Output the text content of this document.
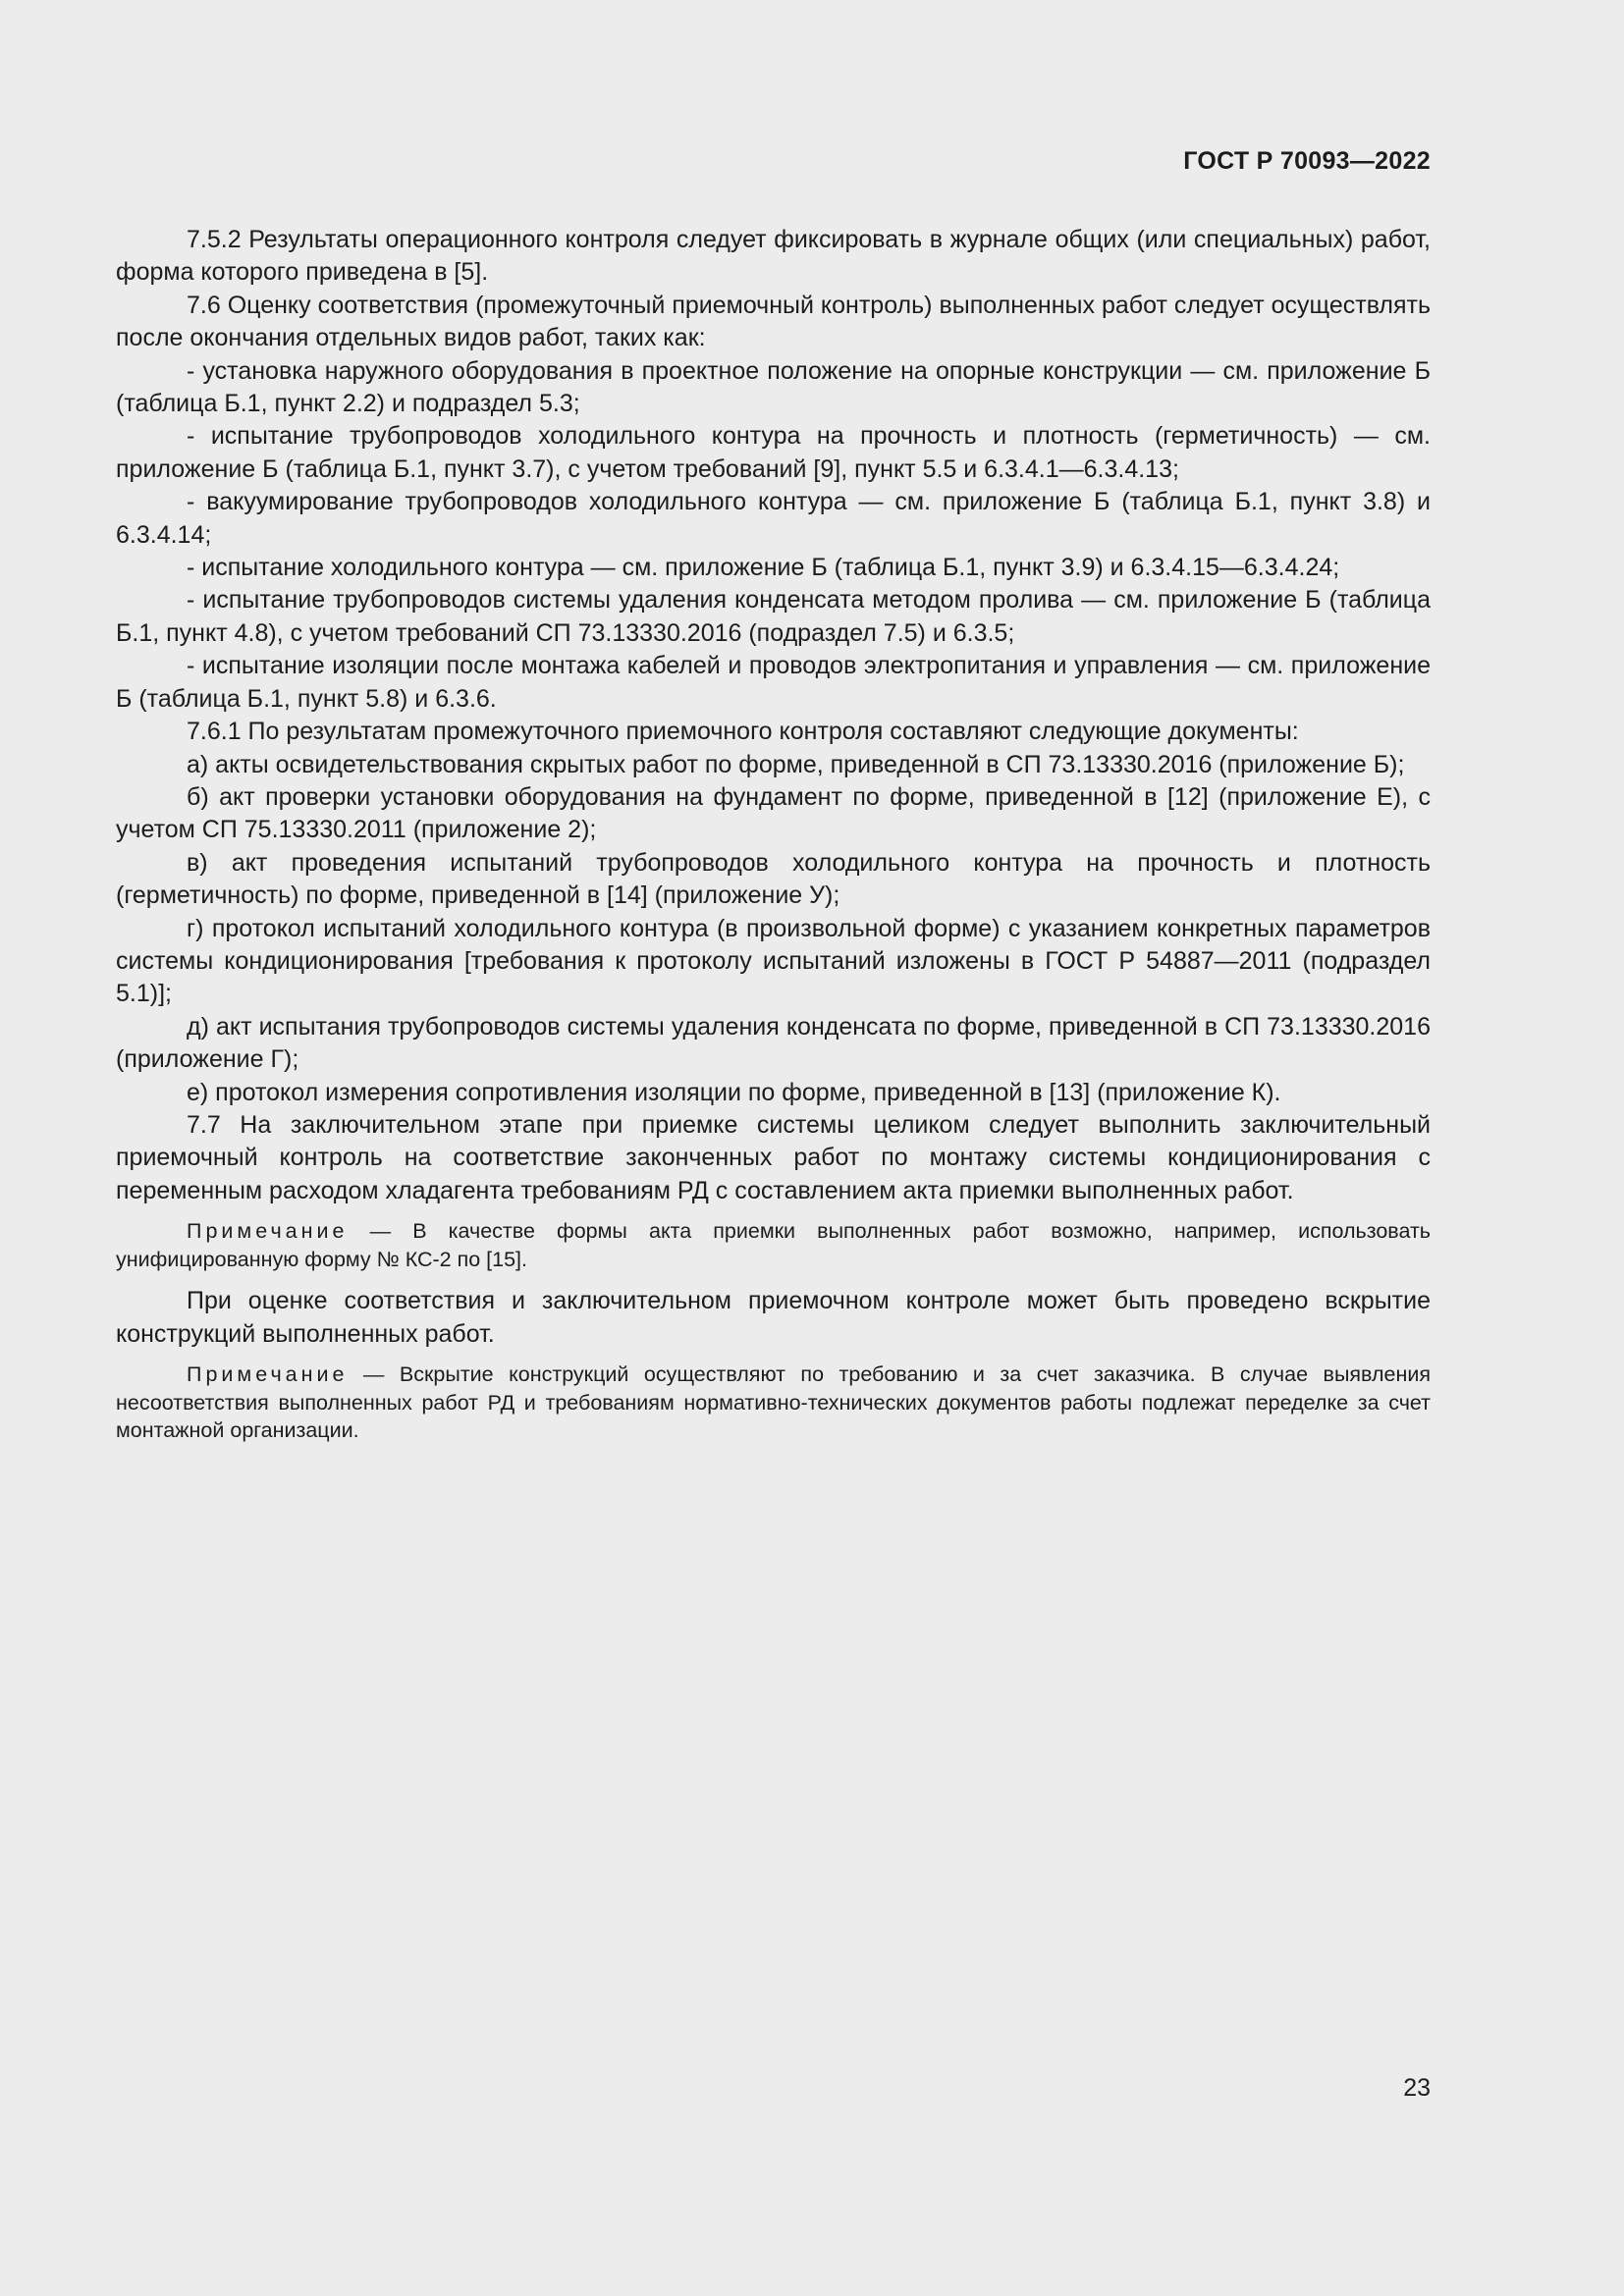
ГОСТ Р 70093—2022

7.5.2 Результаты операционного контроля следует фиксировать в журнале общих (или специальных) работ, форма которого приведена в [5].

7.6 Оценку соответствия (промежуточный приемочный контроль) выполненных работ следует осуществлять после окончания отдельных видов работ, таких как:

- установка наружного оборудования в проектное положение на опорные конструкции — см. приложение Б (таблица Б.1, пункт 2.2) и подраздел 5.3;

- испытание трубопроводов холодильного контура на прочность и плотность (герметичность) — см. приложение Б (таблица Б.1, пункт 3.7), с учетом требований [9], пункт 5.5 и 6.3.4.1—6.3.4.13;

- вакуумирование трубопроводов холодильного контура — см. приложение Б (таблица Б.1, пункт 3.8) и 6.3.4.14;

- испытание холодильного контура — см. приложение Б (таблица Б.1, пункт 3.9) и 6.3.4.15—6.3.4.24;

- испытание трубопроводов системы удаления конденсата методом пролива — см. приложение Б (таблица Б.1, пункт 4.8), с учетом требований СП 73.13330.2016 (подраздел 7.5) и 6.3.5;

- испытание изоляции после монтажа кабелей и проводов электропитания и управления — см. приложение Б (таблица Б.1, пункт 5.8) и 6.3.6.

7.6.1 По результатам промежуточного приемочного контроля составляют следующие документы:

а) акты освидетельствования скрытых работ по форме, приведенной в СП 73.13330.2016 (приложение Б);

б) акт проверки установки оборудования на фундамент по форме, приведенной в [12] (приложение Е), с учетом СП 75.13330.2011 (приложение 2);

в) акт проведения испытаний трубопроводов холодильного контура на прочность и плотность (герметичность) по форме, приведенной в [14] (приложение У);

г) протокол испытаний холодильного контура (в произвольной форме) с указанием конкретных параметров системы кондиционирования [требования к протоколу испытаний изложены в ГОСТ Р 54887—2011 (подраздел 5.1)];

д) акт испытания трубопроводов системы удаления конденсата по форме, приведенной в СП 73.13330.2016 (приложение Г);

е) протокол измерения сопротивления изоляции по форме, приведенной в [13] (приложение К).

7.7 На заключительном этапе при приемке системы целиком следует выполнить заключительный приемочный контроль на соответствие законченных работ по монтажу системы кондиционирования с переменным расходом хладагента требованиям РД с составлением акта приемки выполненных работ.

Примечание — В качестве формы акта приемки выполненных работ возможно, например, использовать унифицированную форму № КС-2 по [15].

При оценке соответствия и заключительном приемочном контроле может быть проведено вскрытие конструкций выполненных работ.

Примечание — Вскрытие конструкций осуществляют по требованию и за счет заказчика. В случае выявления несоответствия выполненных работ РД и требованиям нормативно-технических документов работы подлежат переделке за счет монтажной организации.

23
